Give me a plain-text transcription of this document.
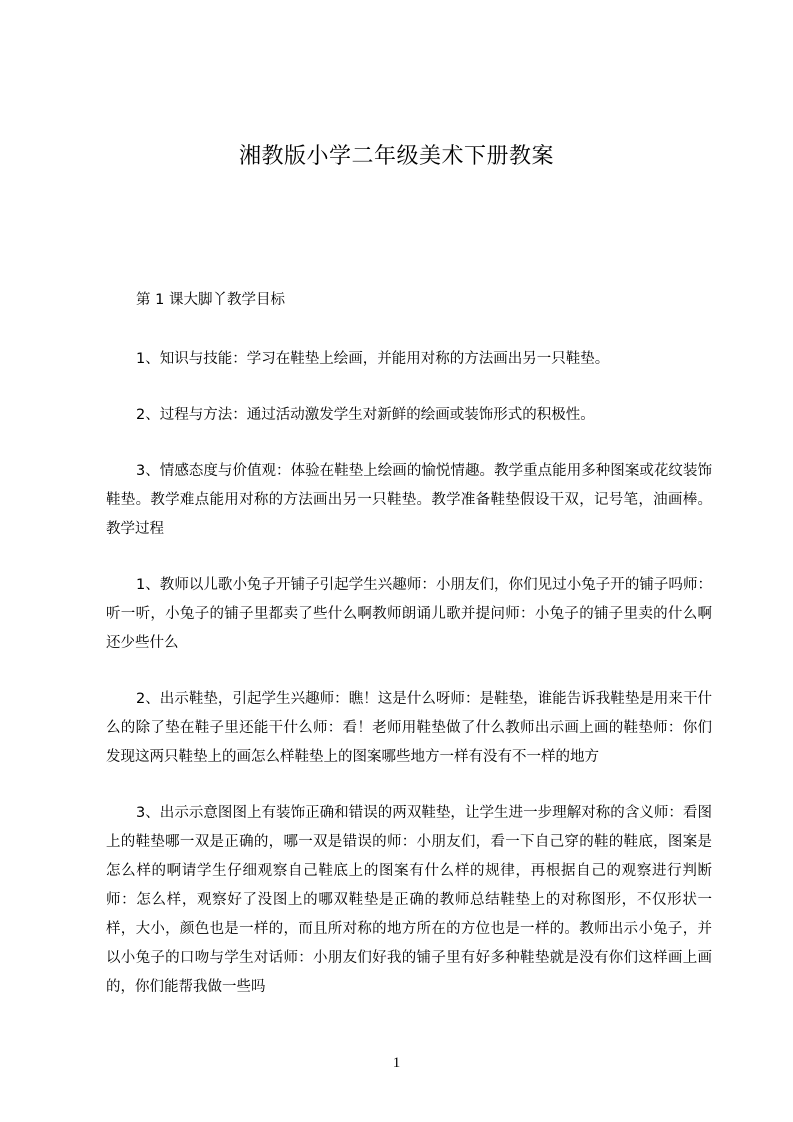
湘教版小学二年级美术下册教案

第 1 课大脚丫教学目标

1、知识与技能：学习在鞋垫上绘画，并能用对称的方法画出另一只鞋垫。

2、过程与方法：通过活动激发学生对新鲜的绘画或装饰形式的积极性。

3、情感态度与价值观：体验在鞋垫上绘画的愉悦情趣。教学重点能用多种图案或花纹装饰鞋垫。教学难点能用对称的方法画出另一只鞋垫。教学准备鞋垫假设干双，记号笔，油画棒。教学过程

1、教师以儿歌小兔子开铺子引起学生兴趣师：小朋友们，你们见过小兔子开的铺子吗师：听一听，小兔子的铺子里都卖了些什么啊教师朗诵儿歌并提问师：小兔子的铺子里卖的什么啊还少些什么

2、出示鞋垫，引起学生兴趣师：瞧！这是什么呀师：是鞋垫，谁能告诉我鞋垫是用来干什么的除了垫在鞋子里还能干什么师：看！老师用鞋垫做了什么教师出示画上画的鞋垫师：你们发现这两只鞋垫上的画怎么样鞋垫上的图案哪些地方一样有没有不一样的地方

3、出示示意图图上有装饰正确和错误的两双鞋垫，让学生进一步理解对称的含义师：看图上的鞋垫哪一双是正确的，哪一双是错误的师：小朋友们，看一下自己穿的鞋的鞋底，图案是怎么样的啊请学生仔细观察自己鞋底上的图案有什么样的规律，再根据自己的观察进行判断师：怎么样，观察好了没图上的哪双鞋垫是正确的教师总结鞋垫上的对称图形，不仅形状一样，大小，颜色也是一样的，而且所对称的地方所在的方位也是一样的。教师出示小兔子，并以小兔子的口吻与学生对话师：小朋友们好我的铺子里有好多种鞋垫就是没有你们这样画上画的，你们能帮我做一些吗

1
